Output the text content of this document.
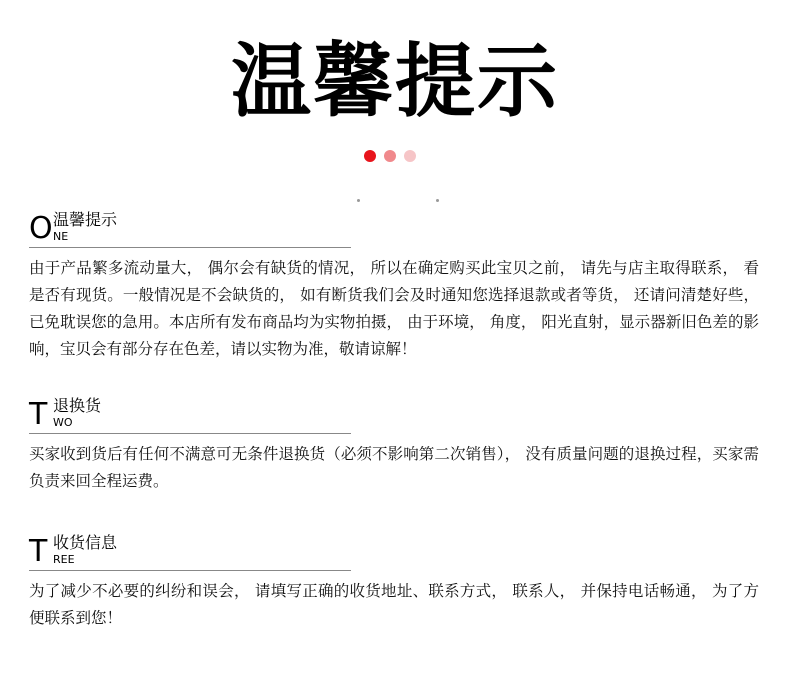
温馨提示
O 温馨提示
NE
由于产品繁多流动量大， 偶尔会有缺货的情况， 所以在确定购买此宝贝之前， 请先与店主取得联系， 看是否有现货。一般情况是不会缺货的， 如有断货我们会及时通知您选择退款或者等货， 还请问清楚好些， 已免耽误您的急用。本店所有发布商品均为实物拍摄， 由于环境， 角度， 阳光直射，显示器新旧色差的影响，宝贝会有部分存在色差，请以实物为准，敬请谅解！
T 退换货
WO
买家收到货后有任何不满意可无条件退换货（必须不影响第二次销售）， 没有质量问题的退换过程，买家需负责来回全程运费。
T 收货信息
REE
为了减少不必要的纠纷和误会， 请填写正确的收货地址、联系方式， 联系人， 并保持电话畅通， 为了方便联系到您！
